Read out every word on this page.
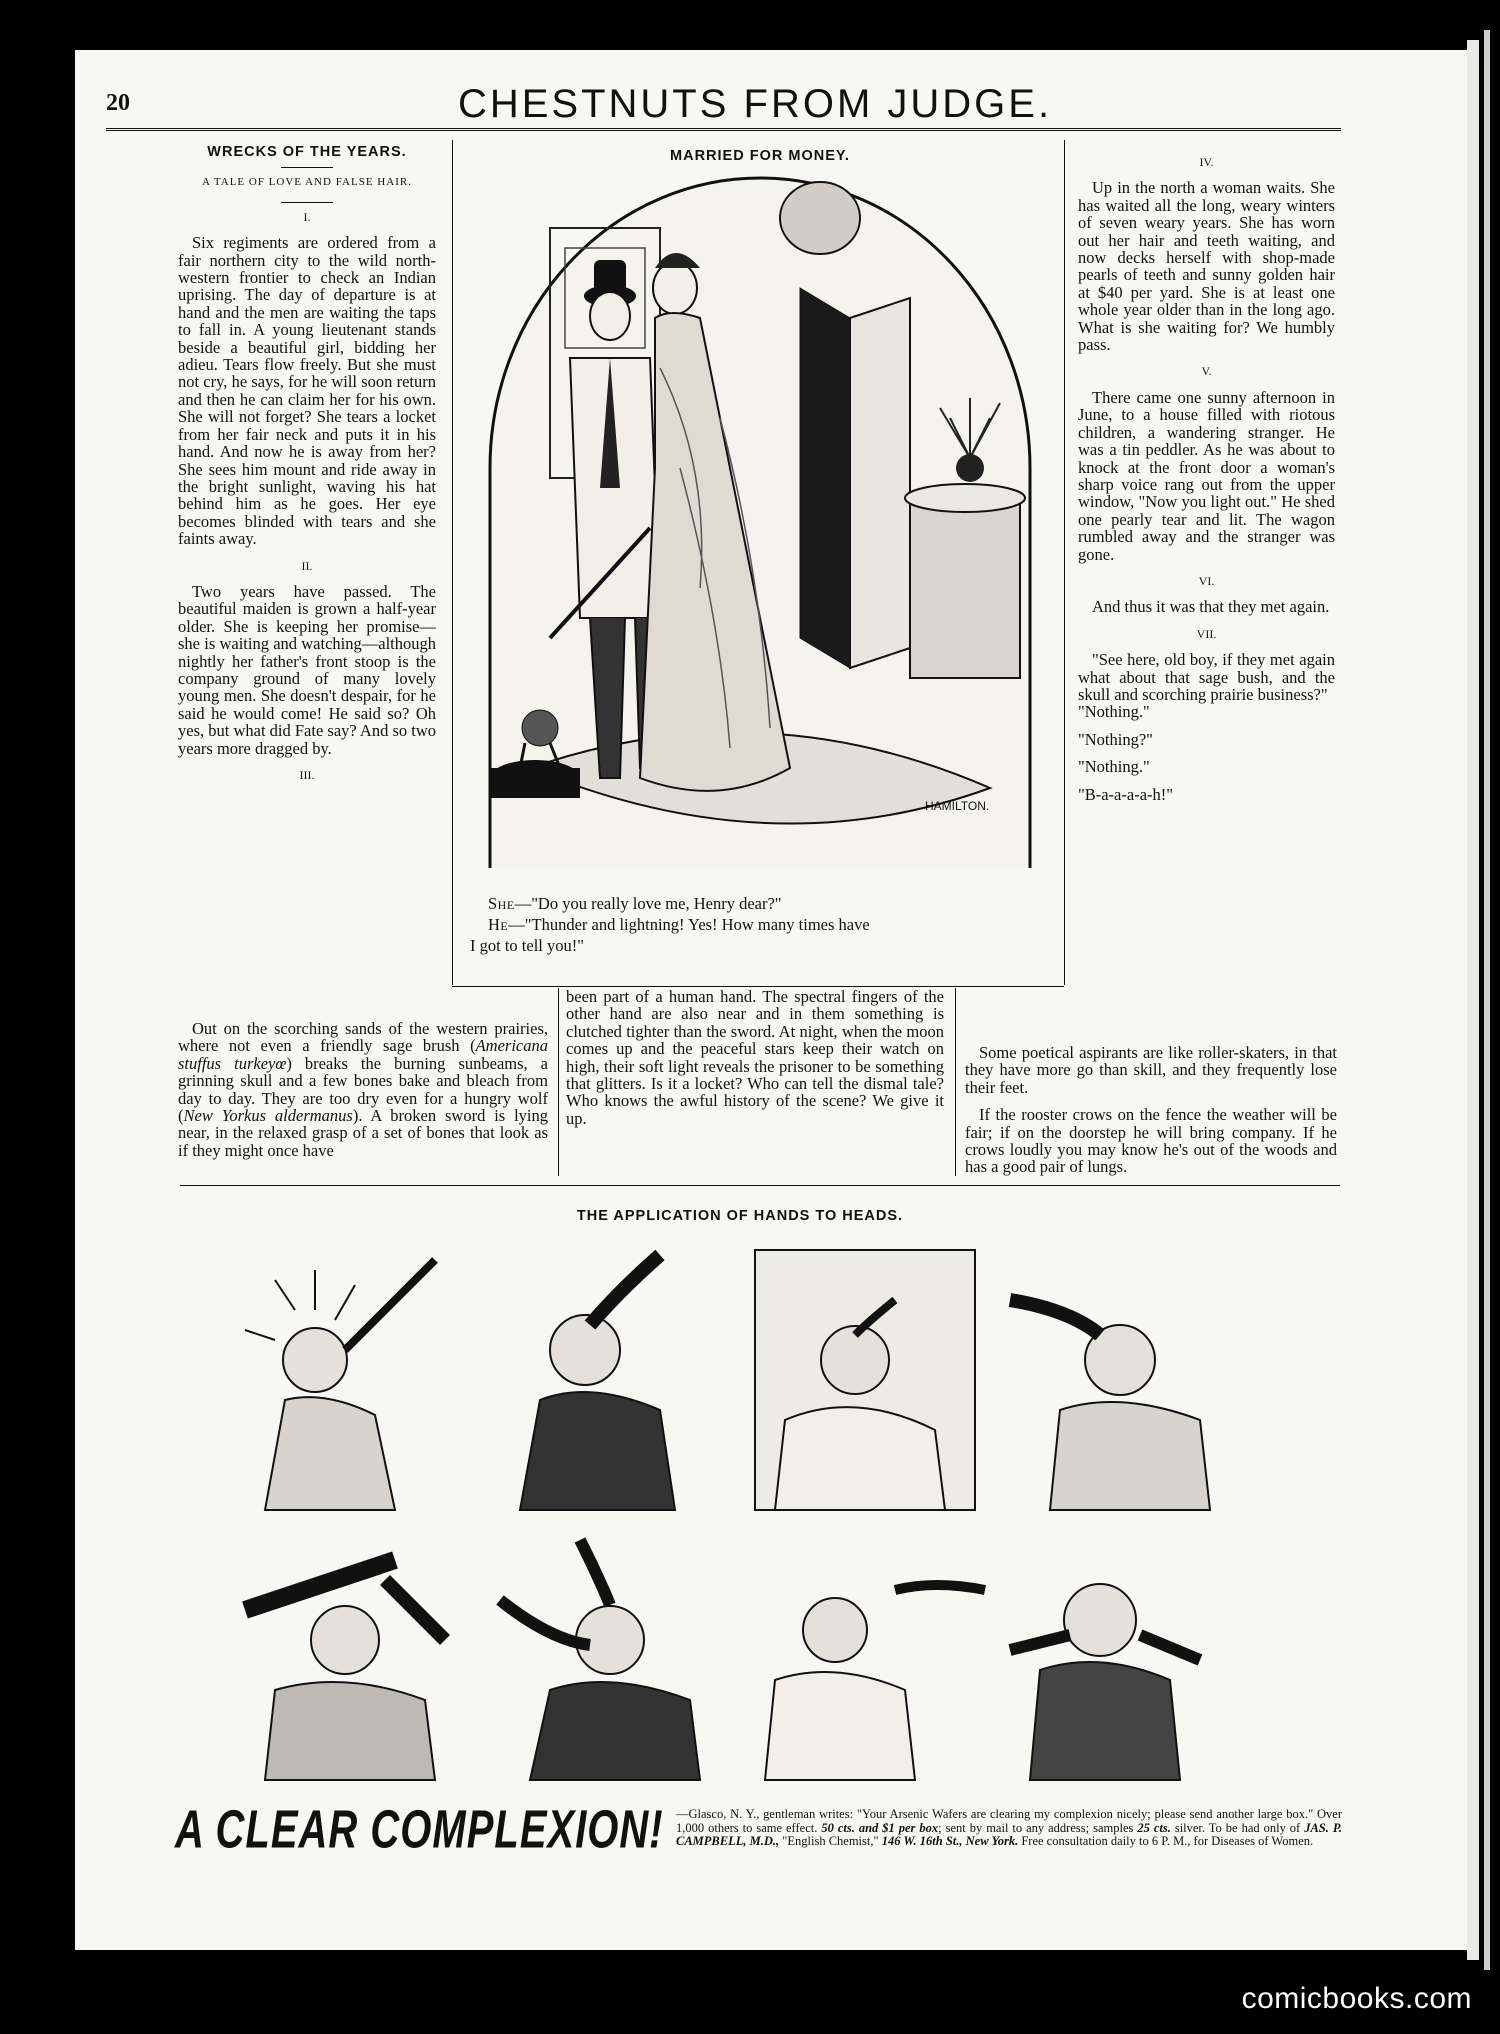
20	CHESTNUTS FROM JUDGE.
WRECKS OF THE YEARS.
A TALE OF LOVE AND FALSE HAIR.
I.

Six regiments are ordered from a fair northern city to the wild north-western frontier to check an Indian uprising. The day of departure is at hand and the men are waiting the taps to fall in. A young lieutenant stands beside a beautiful girl, bidding her adieu. Tears flow freely. But she must not cry, he says, for he will soon return and then he can claim her for his own. She will not forget? She tears a locket from her fair neck and puts it in his hand. And now he is away from her? She sees him mount and ride away in the bright sunlight, waving his hat behind him as he goes. Her eye becomes blinded with tears and she faints away.

II.

Two years have passed. The beautiful maiden is grown a half-year older. She is keeping her promise—she is waiting and watching—although nightly her father's front stoop is the company ground of many lovely young men. She doesn't despair, for he said he would come! He said so? Oh yes, but what did Fate say? And so two years more dragged by.

III.
MARRIED FOR MONEY.
HAMILTON.

She—"Do you really love me, Henry dear?"

He—"Thunder and lightning! Yes! How many times have

I got to tell you!"

IV.

Up in the north a woman waits. She has waited all the long, weary winters of seven weary years. She has worn out her hair and teeth waiting, and now decks herself with shop-made pearls of teeth and sunny golden hair at $40 per yard. She is at least one whole year older than in the long ago. What is she waiting for? We humbly pass.

V.

There came one sunny afternoon in June, to a house filled with riotous children, a wandering stranger. He was a tin peddler. As he was about to knock at the front door a woman's sharp voice rang out from the upper window, "Now you light out." He shed one pearly tear and lit. The wagon rumbled away and the stranger was gone.

VI.

And thus it was that they met again.

VII.

"See here, old boy, if they met again what about that sage bush, and the skull and scorching prairie business?"

"Nothing."

"Nothing?"

"Nothing."

"B-a-a-a-a-h!"

Out on the scorching sands of the western prairies, where not even a friendly sage brush (Americana stuffus turkeyœ) breaks the burning sunbeams, a grinning skull and a few bones bake and bleach from day to day. They are too dry even for a hungry wolf (New Yorkus aldermanus). A broken sword is lying near, in the relaxed grasp of a set of bones that look as if they might once have

been part of a human hand. The spectral fingers of the other hand are also near and in them something is clutched tighter than the sword. At night, when the moon comes up and the peaceful stars keep their watch on high, their soft light reveals the prisoner to be something that glitters. Is it a locket? Who can tell the dismal tale? Who knows the awful history of the scene? We give it up.

Some poetical aspirants are like roller-skaters, in that they have more go than skill, and they frequently lose their feet.

If the rooster crows on the fence the weather will be fair; if on the doorstep he will bring company. If he crows loudly you may know he's out of the woods and has a good pair of lungs.

THE APPLICATION OF HANDS TO HEADS.
A CLEAR COMPLEXION! —Glasco, N. Y., gentleman writes: "Your Arsenic Wafers are clearing my complexion nicely; please send another large box." Over 1,000 others to same effect. 50 cts. and $1 per box; sent by mail to any address; samples 25 cts. silver. To be had only of JAS. P. CAMPBELL, M.D., "English Chemist," 146 W. 16th St., New York. Free consultation daily to 6 P. M., for Diseases of Women.
comicbooks.com
